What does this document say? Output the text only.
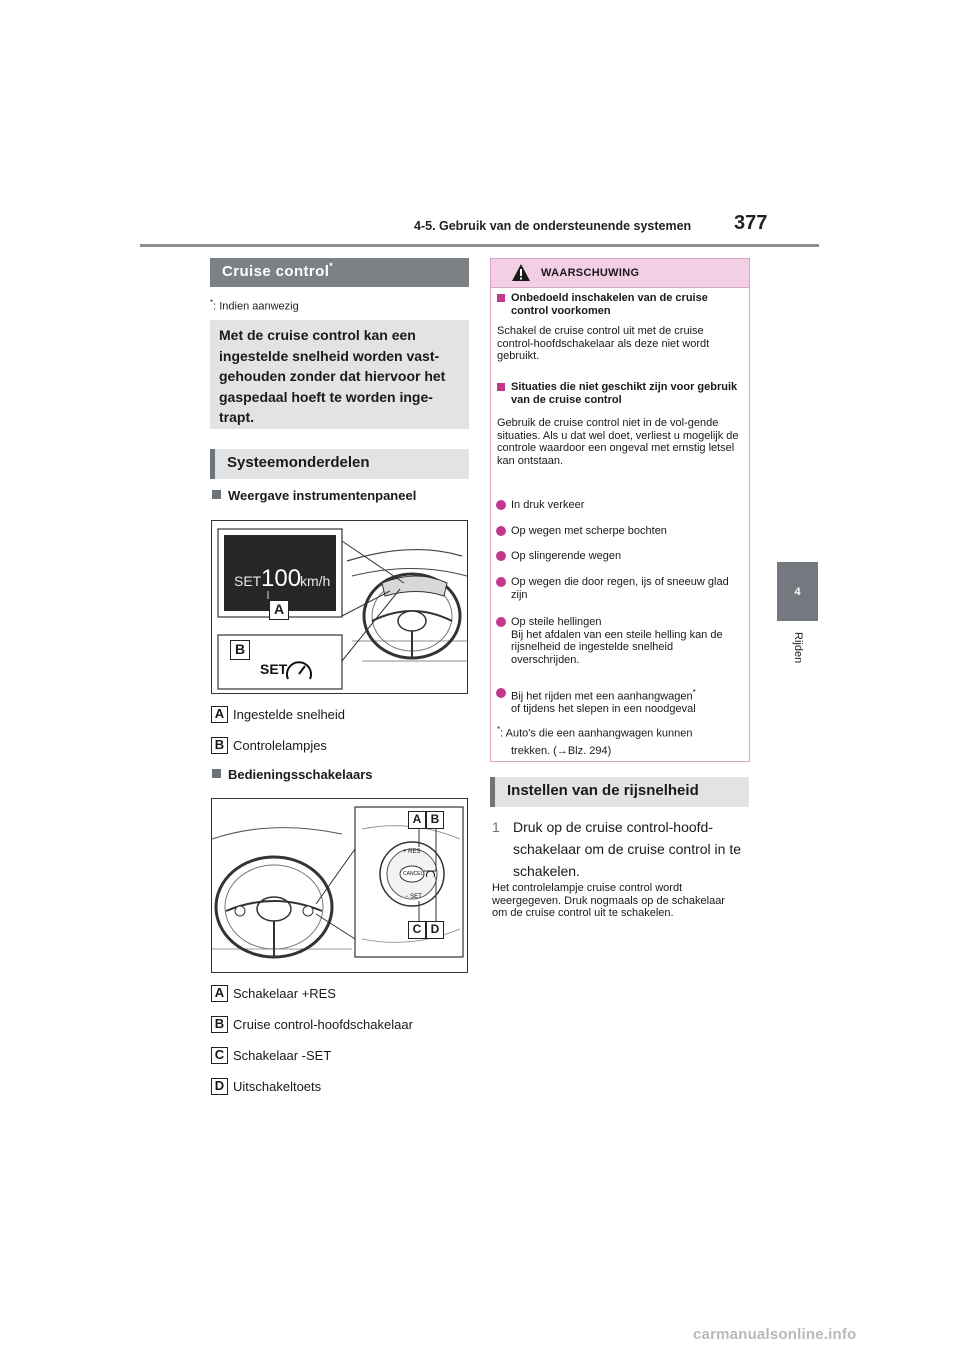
4-5. Gebruik van de ondersteunende systemen 377
4
Rijden
Cruise control*
*: Indien aanwezig
Met de cruise control kan een ingestelde snelheid worden vast-gehouden zonder dat hiervoor het gaspedaal hoeft te worden inge-trapt.
Systeemonderdelen
Weergave instrumentenpaneel
SET 100
km/h
A
B
SET
A Ingestelde snelheid
B Controlelampjes
Bedieningsschakelaars
+ RES
CANCEL
− SET
A B
C D
A Schakelaar +RES
B Cruise control-hoofdschakelaar
C Schakelaar -SET
D Uitschakeltoets
WAARSCHUWING
Onbedoeld inschakelen van de cruise control voorkomen
Schakel de cruise control uit met de cruise control-hoofdschakelaar als deze niet wordt gebruikt.
Situaties die niet geschikt zijn voor gebruik van de cruise control
Gebruik de cruise control niet in de vol-gende situaties. Als u dat wel doet, verliest u mogelijk de controle waardoor een ongeval met ernstig letsel kan ontstaan.
In druk verkeer
Op wegen met scherpe bochten
Op slingerende wegen
Op wegen die door regen, ijs of sneeuw glad zijn
Op steile hellingen
Bij het afdalen van een steile helling kan de rijsnelheid de ingestelde snelheid overschrijden.
Bij het rijden met een aanhangwagen*
of tijdens het slepen in een noodgeval
*: Auto's die een aanhangwagen kunnen
trekken. (→Blz. 294)
Instellen van de rijsnelheid
1 Druk op de cruise control-hoofd-schakelaar om de cruise control in te schakelen.
Het controlelampje cruise control wordt weergegeven. Druk nogmaals op de schakelaar om de cruise control uit te schakelen.
carmanualsonline.info
